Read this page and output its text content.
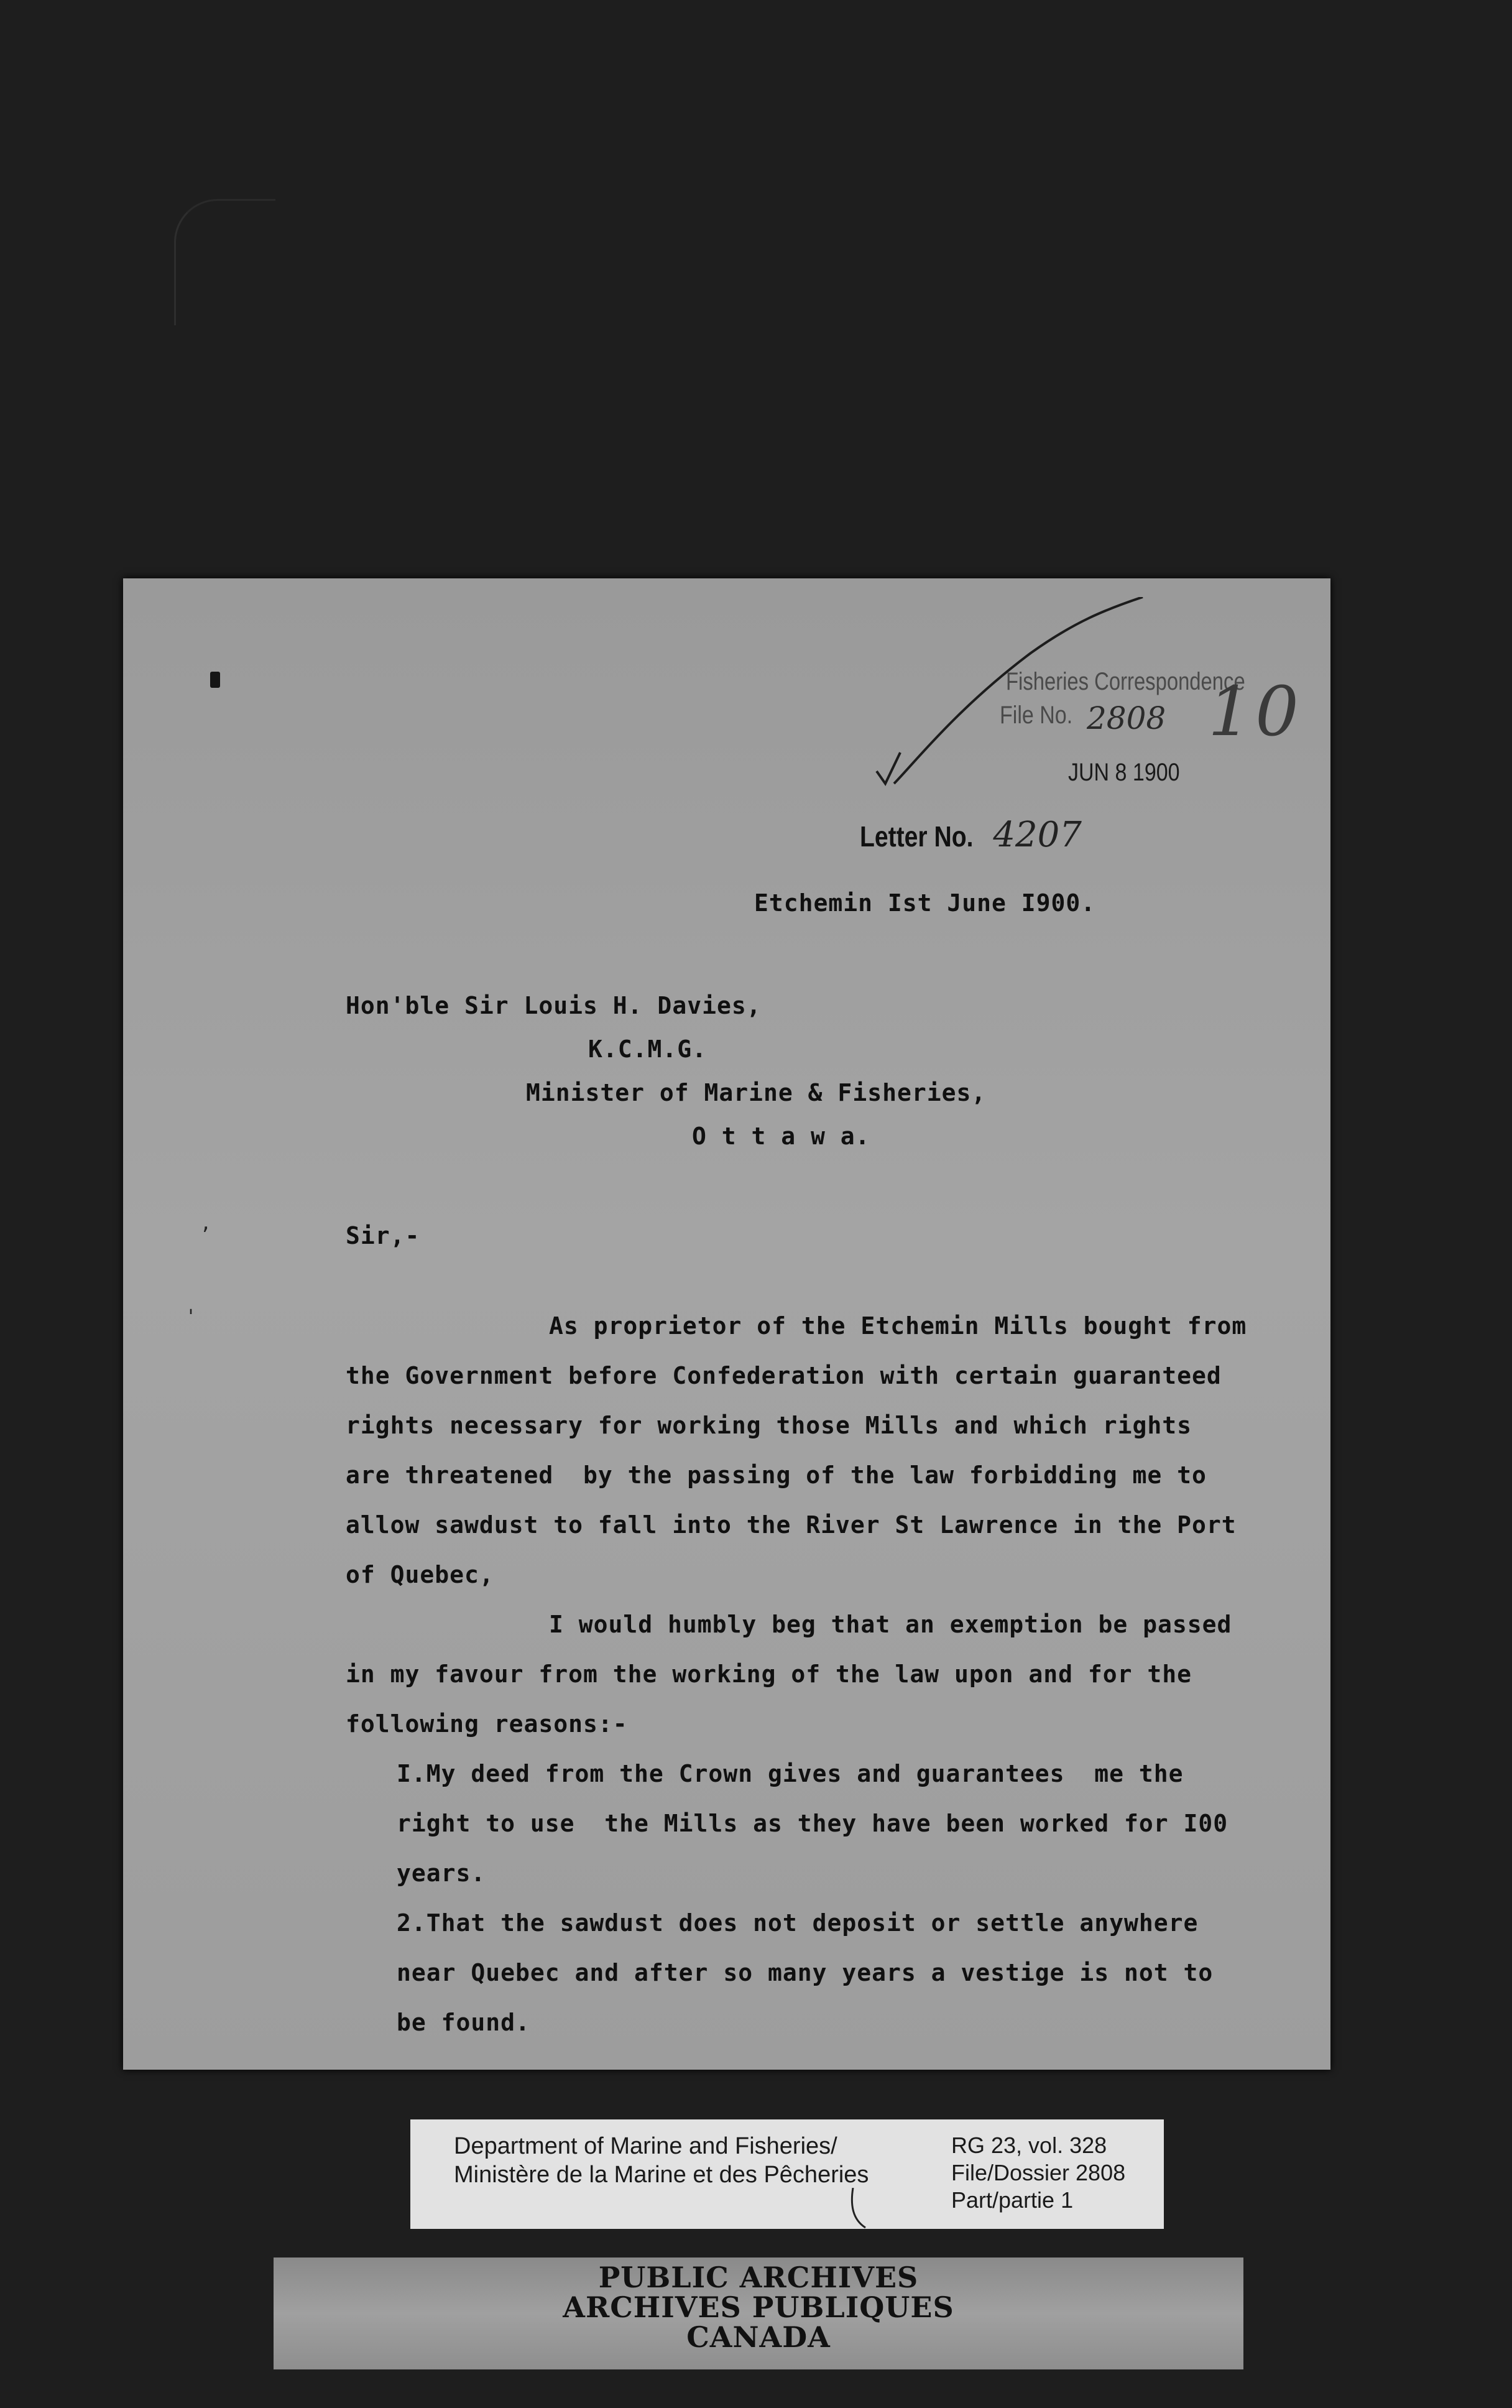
Fisheries Correspondence
File No. 2808
JUN 8 1900
10
Letter No. 4207
Etchemin Ist June I900.
Hon'ble Sir Louis H. Davies,
K.C.M.G.
Minister of Marine & Fisheries,
O t t a w a.
,
'
Sir,-
As proprietor of the Etchemin Mills bought from
the Government before Confederation with certain guaranteed
rights necessary for working those Mills and which rights
are threatened  by the passing of the law forbidding me to
allow sawdust to fall into the River St Lawrence in the Port
of Quebec,
I would humbly beg that an exemption be passed
in my favour from the working of the law upon and for the
following reasons:-
I.My deed from the Crown gives and guarantees  me the
right to use  the Mills as they have been worked for I00
years.
2.That the sawdust does not deposit or settle anywhere
near Quebec and after so many years a vestige is not to
be found.
Department of Marine and Fisheries/
Ministère de la Marine et des Pêcheries
RG 23, vol. 328
File/Dossier 2808
Part/partie 1
PUBLIC ARCHIVES
ARCHIVES PUBLIQUES
CANADA
